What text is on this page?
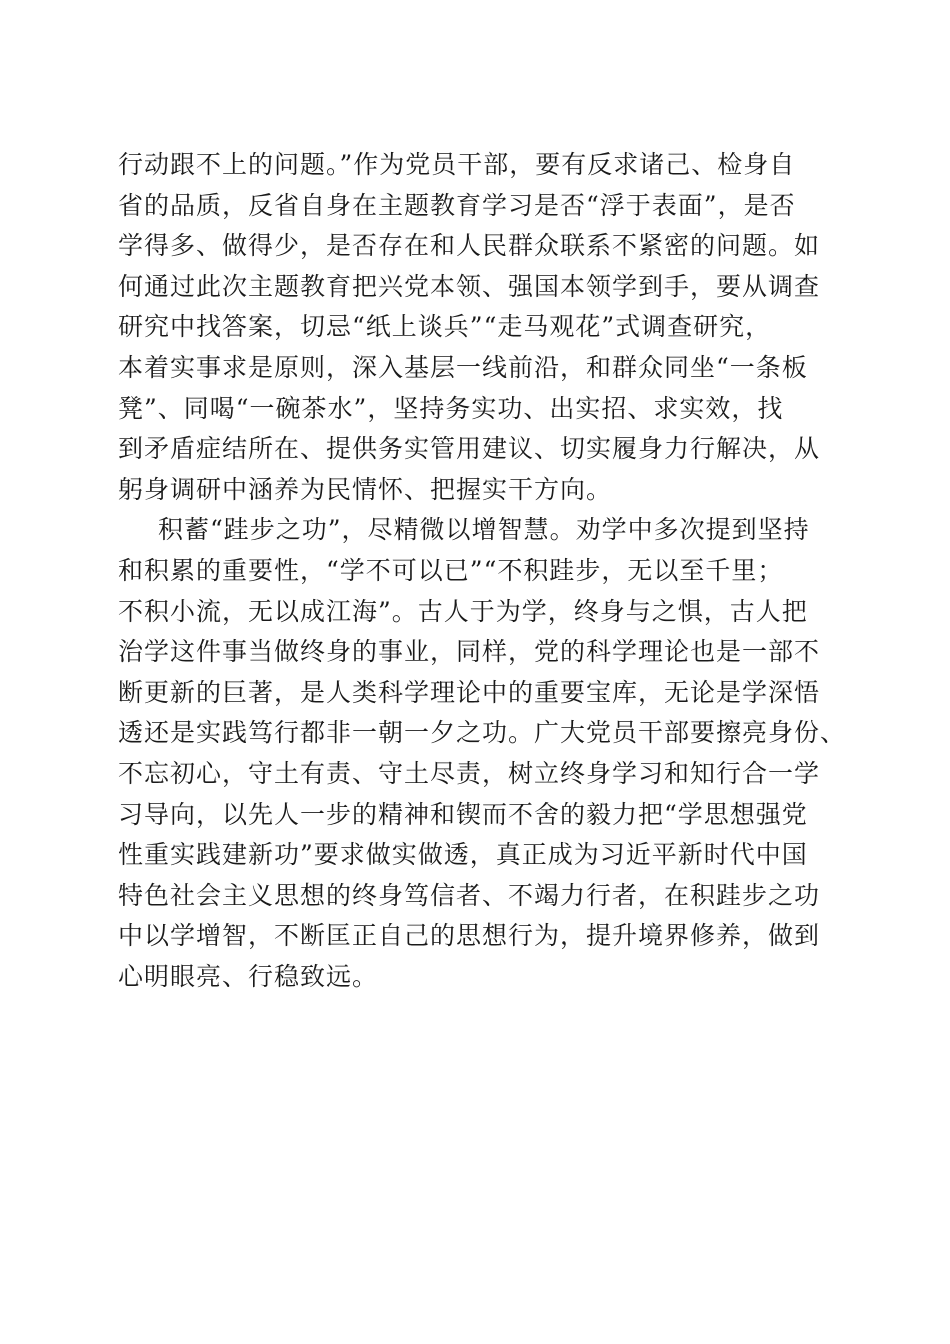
行动跟不上的问题。”作为党员干部，要有反求诸己、检身自
省的品质，反省自身在主题教育学习是否“浮于表面”，是否
学得多、做得少，是否存在和人民群众联系不紧密的问题。如
何通过此次主题教育把兴党本领、强国本领学到手，要从调查
研究中找答案，切忌“纸上谈兵”“走马观花”式调查研究，
本着实事求是原则，深入基层一线前沿，和群众同坐“一条板
凳”、同喝“一碗茶水”，坚持务实功、出实招、求实效，找
到矛盾症结所在、提供务实管用建议、切实履身力行解决，从
躬身调研中涵养为民情怀、把握实干方向。
积蓄“跬步之功”，尽精微以增智慧。劝学中多次提到坚持
和积累的重要性，“学不可以已”“不积跬步，无以至千里；
不积小流，无以成江海”。古人于为学，终身与之惧，古人把
治学这件事当做终身的事业，同样，党的科学理论也是一部不
断更新的巨著，是人类科学理论中的重要宝库，无论是学深悟
透还是实践笃行都非一朝一夕之功。广大党员干部要擦亮身份、
不忘初心，守土有责、守土尽责，树立终身学习和知行合一学
习导向，以先人一步的精神和锲而不舍的毅力把“学思想强党
性重实践建新功”要求做实做透，真正成为习近平新时代中国
特色社会主义思想的终身笃信者、不竭力行者，在积跬步之功
中以学增智，不断匡正自己的思想行为，提升境界修养，做到
心明眼亮、行稳致远。
